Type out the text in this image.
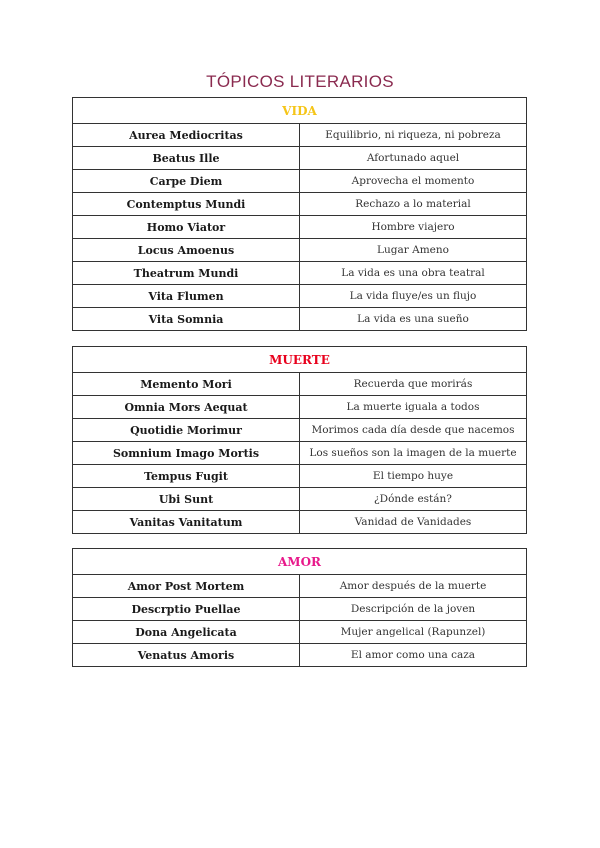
TÓPICOS LITERARIOS
VIDA	
Aurea Mediocritas	Equilibrio, ni riqueza, ni pobreza
Beatus Ille	Afortunado aquel
Carpe Diem	Aprovecha el momento
Contemptus Mundi	Rechazo a lo material
Homo Viator	Hombre viajero
Locus Amoenus	Lugar Ameno
Theatrum Mundi	La vida es una obra teatral
Vita Flumen	La vida fluye/es un flujo
Vita Somnia	La vida es una sueño
MUERTE	
Memento Mori	Recuerda que morirás
Omnia Mors Aequat	La muerte iguala a todos
Quotidie Morimur	Morimos cada día desde que nacemos
Somnium Imago Mortis	Los sueños son la imagen de la muerte
Tempus Fugit	El tiempo huye
Ubi Sunt	¿Dónde están?
Vanitas Vanitatum	Vanidad de Vanidades
AMOR	
Amor Post Mortem	Amor después de la muerte
Descrptio Puellae	Descripción de la joven
Dona Angelicata	Mujer angelical (Rapunzel)
Venatus Amoris	El amor como una caza
